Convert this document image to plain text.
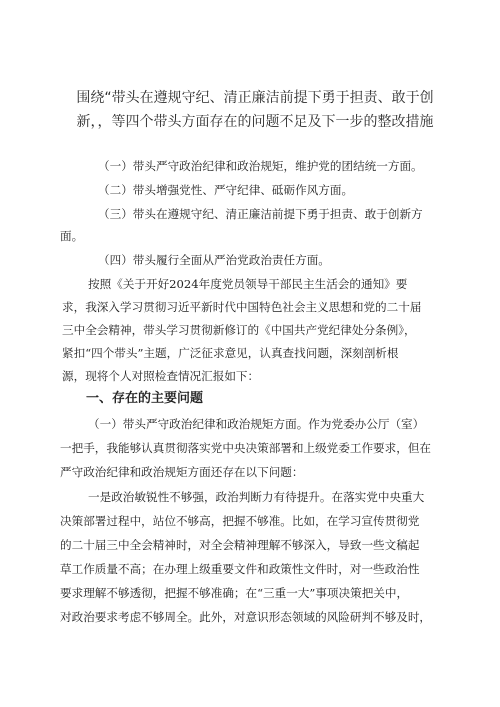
围绕“带头在遵规守纪、清正廉洁前提下勇于担责、敢于创
新，，等四个带头方面存在的问题不足及下一步的整改措施
（一）带头严守政治纪律和政治规矩，维护党的团结统一方面。
（二）带头增强党性、严守纪律、砥砺作风方面。
（三）带头在遵规守纪、清正廉洁前提下勇于担责、敢于创新方
面。
（四）带头履行全面从严治党政治责任方面。
按照《关于开好2024年度党员领导干部民主生活会的通知》要
求，我深入学习贯彻习近平新时代中国特色社会主义思想和党的二十届
三中全会精神，带头学习贯彻新修订的《中国共产党纪律处分条例》，
紧扣“四个带头”主题，广泛征求意见，认真查找问题，深刻剖析根
源，现将个人对照检查情况汇报如下：
一、存在的主要问题
（一）带头严守政治纪律和政治规矩方面。作为党委办公厅（室）
一把手，我能够认真贯彻落实党中央决策部署和上级党委工作要求，但在
严守政治纪律和政治规矩方面还存在以下问题：
一是政治敏锐性不够强，政治判断力有待提升。在落实党中央重大
决策部署过程中，站位不够高，把握不够准。比如，在学习宣传贯彻党
的二十届三中全会精神时，对全会精神理解不够深入，导致一些文稿起
草工作质量不高；在办理上级重要文件和政策性文件时，对一些政治性
要求理解不够透彻，把握不够准确；在“三重一大”事项决策把关中，
对政治要求考虑不够周全。此外，对意识形态领域的风险研判不够及时，
